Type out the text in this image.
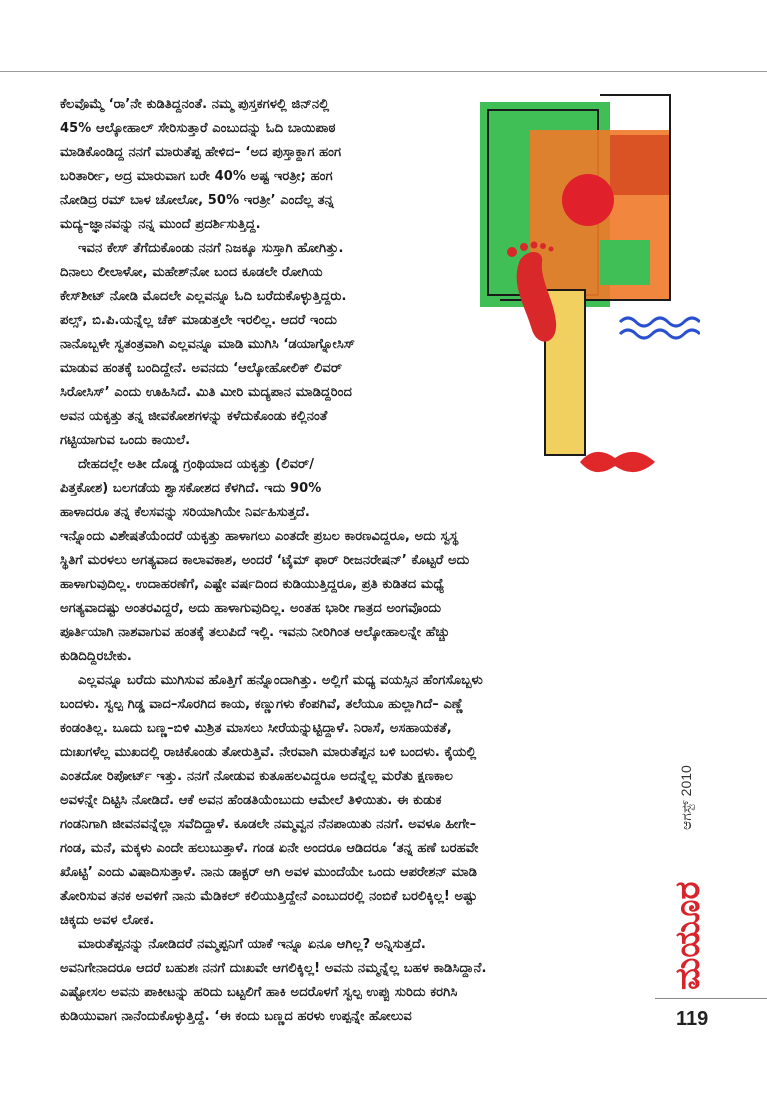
ಕೆಲವೊಮ್ಮೆ ‘ರಾ’ನೇ ಕುಡಿತಿದ್ದನಂತೆ. ನಮ್ಮ ಪುಸ್ತಕಗಳಲ್ಲಿ ಜಿನ್‌ನಲ್ಲಿ
45% ಆಲ್ಕೋಹಾಲ್ ಸೇರಿಸುತ್ತಾರೆ ಎಂಬುದನ್ನು ಓದಿ ಬಾಯಿಪಾಠ
ಮಾಡಿಕೊಂಡಿದ್ದ ನನಗೆ ಮಾರುತೆಪ್ಪ ಹೇಳಿದ– ‘ಅದ ಪುಸ್ತಾಕ್ದಾಗ ಹಂಗ
ಬರಿತಾರ್ರೀ, ಅದ್ರ ಮಾರುವಾಗ ಬರೇ 40% ಅಷ್ಟ ಇರತ್ರೀ; ಹಂಗ
ನೋಡಿದ್ರ ರಮ್ ಬಾಳ ಚೋಲೋ, 50% ಇರತ್ರೀ’ ಎಂದೆಲ್ಲ ತನ್ನ
ಮದ್ಯ–ಜ್ಞಾನವನ್ನು ನನ್ನ ಮುಂದೆ ಪ್ರದರ್ಶಿಸುತ್ತಿದ್ದ.
ಇವನ ಕೇಸ್ ತೆಗೆದುಕೊಂಡು ನನಗೆ ನಿಜಕ್ಕೂ ಸುಸ್ತಾಗಿ ಹೋಗಿತ್ತು.
ದಿನಾಲು ಲೀಲಾಳೋ, ಮಹೇಶ್‌ನೋ ಬಂದ ಕೂಡಲೇ ರೋಗಿಯ
ಕೇಸ್‌ಶೀಟ್ ನೋಡಿ ಮೊದಲೇ ಎಲ್ಲವನ್ನೂ ಓದಿ ಬರೆದುಕೊಳ್ಳುತ್ತಿದ್ದರು.
ಪಲ್ಸ್, ಬಿ.ಪಿ.ಯನ್ನೆಲ್ಲ ಚೆಕ್ ಮಾಡುತ್ತಲೇ ಇರಲಿಲ್ಲ. ಆದರೆ ಇಂದು
ನಾನೊಬ್ಬಳೇ ಸ್ವತಂತ್ರವಾಗಿ ಎಲ್ಲವನ್ನೂ ಮಾಡಿ ಮುಗಿಸಿ ‘ಡಯಾಗ್ನೋಸಿಸ್
ಮಾಡುವ ಹಂತಕ್ಕೆ ಬಂದಿದ್ದೇನೆ. ಅವನದು ‘ಆಲ್ಕೋಹೋಲಿಕ್ ಲಿವರ್
ಸಿರೋಸಿಸ್’ ಎಂದು ಊಹಿಸಿದೆ. ಮಿತಿ ಮೀರಿ ಮದ್ಯಪಾನ ಮಾಡಿದ್ದರಿಂದ
ಅವನ ಯಕೃತ್ತು ತನ್ನ ಜೀವಕೋಶಗಳನ್ನು ಕಳೆದುಕೊಂಡು ಕಲ್ಲಿನಂತೆ
ಗಟ್ಟಿಯಾಗುವ ಒಂದು ಕಾಯಿಲೆ.
ದೇಹದಲ್ಲೇ ಅತೀ ದೊಡ್ಡ ಗ್ರಂಥಿಯಾದ ಯಕೃತ್ತು (ಲಿವರ್/
ಪಿತ್ತಕೋಶ) ಬಲಗಡೆಯ ಶ್ವಾಸಕೋಶದ ಕೆಳಗಿದೆ. ಇದು 90%
ಹಾಳಾದರೂ ತನ್ನ ಕೆಲಸವನ್ನು ಸರಿಯಾಗಿಯೇ ನಿರ್ವಹಿಸುತ್ತದೆ.
ಇನ್ನೊಂದು ವಿಶೇಷತೆಯೆಂದರೆ ಯಕೃತ್ತು ಹಾಳಾಗಲು ಎಂತದೇ ಪ್ರಬಲ ಕಾರಣವಿದ್ದರೂ, ಅದು ಸ್ವಸ್ಥ
ಸ್ಥಿತಿಗೆ ಮರಳಲು ಅಗತ್ಯವಾದ ಕಾಲಾವಕಾಶ, ಅಂದರೆ ‘ಟೈಮ್ ಫಾರ್ ರೀಜನರೇಷನ್’ ಕೊಟ್ಟರೆ ಅದು
ಹಾಳಾಗುವುದಿಲ್ಲ. ಉದಾಹರಣೆಗೆ, ಎಷ್ಟೇ ವರ್ಷದಿಂದ ಕುಡಿಯುತ್ತಿದ್ದರೂ, ಪ್ರತಿ ಕುಡಿತದ ಮಧ್ಯೆ
ಅಗತ್ಯವಾದಷ್ಟು ಅಂತರವಿದ್ದರೆ, ಅದು ಹಾಳಾಗುವುದಿಲ್ಲ. ಅಂತಹ ಭಾರೀ ಗಾತ್ರದ ಅಂಗವೊಂದು
ಪೂರ್ತಿಯಾಗಿ ನಾಶವಾಗುವ ಹಂತಕ್ಕೆ ತಲುಪಿದೆ ಇಲ್ಲಿ. ಇವನು ನೀರಿಗಿಂತ ಆಲ್ಕೋಹಾಲನ್ನೇ ಹೆಚ್ಚು
ಕುಡಿದಿದ್ದಿರಬೇಕು.
ಎಲ್ಲವನ್ನೂ ಬರೆದು ಮುಗಿಸುವ ಹೊತ್ತಿಗೆ ಹನ್ನೊಂದಾಗಿತ್ತು. ಅಲ್ಲಿಗೆ ಮಧ್ಯ ವಯಸ್ಸಿನ ಹೆಂಗಸೊಬ್ಬಳು
ಬಂದಳು. ಸ್ವಲ್ಪ ಗಿಡ್ಡ ವಾದ–ಸೊರಗಿದ ಕಾಯ, ಕಣ್ಣುಗಳು ಕೆಂಪಗಿವೆ, ತಲೆಯೂ ಹುಲ್ಲಾಗಿದೆ– ಎಣ್ಣೆ
ಕಂಡಂತಿಲ್ಲ. ಬೂದು ಬಣ್ಣ–ಬಿಳಿ ಮಿಶ್ರಿತ ಮಾಸಲು ಸೀರೆಯನ್ನುಟ್ಟಿದ್ದಾಳೆ. ನಿರಾಸೆ, ಅಸಹಾಯಕತೆ,
ದುಃಖಗಳೆಲ್ಲ ಮುಖದಲ್ಲಿ ರಾಚಿಕೊಂಡು ತೋರುತ್ತಿವೆ. ನೇರವಾಗಿ ಮಾರುತೆಪ್ಪನ ಬಳಿ ಬಂದಳು. ಕೈಯಲ್ಲಿ
ಎಂತದೋ ರಿಪೋರ್ಟ್ ಇತ್ತು. ನನಗೆ ನೋಡುವ ಕುತೂಹಲವಿದ್ದರೂ ಅದನ್ನೆಲ್ಲ ಮರೆತು ಕ್ಷಣಕಾಲ
ಅವಳನ್ನೇ ದಿಟ್ಟಿಸಿ ನೋಡಿದೆ. ಆಕೆ ಅವನ ಹೆಂಡತಿಯೆಂಬುದು ಆಮೇಲೆ ತಿಳಿಯಿತು. ಈ ಕುಡುಕ
ಗಂಡನಿಗಾಗಿ ಜೀವನವನ್ನೆಲ್ಲಾ ಸವೆದಿದ್ದಾಳೆ. ಕೂಡಲೇ ನಮ್ಮವ್ವನ ನೆನಪಾಯಿತು ನನಗೆ. ಅವಳೂ ಹೀಗೇ–
ಗಂಡ, ಮನೆ, ಮಕ್ಕಳು ಎಂದೇ ಹಲುಬುತ್ತಾಳೆ. ಗಂಡ ಏನೇ ಅಂದರೂ ಆಡಿದರೂ ‘ತನ್ನ ಹಣೆ ಬರಹವೇ
ಖೊಟ್ಟಿ’ ಎಂದು ವಿಷಾದಿಸುತ್ತಾಳೆ. ನಾನು ಡಾಕ್ಟರ್ ಆಗಿ ಅವಳ ಮುಂದೆಯೇ ಒಂದು ಆಪರೇಶನ್ ಮಾಡಿ
ತೋರಿಸುವ ತನಕ ಅವಳಿಗೆ ನಾನು ಮೆಡಿಕಲ್ ಕಲಿಯುತ್ತಿದ್ದೇನೆ ಎಂಬುದರಲ್ಲಿ ನಂಬಿಕೆ ಬರಲಿಕ್ಕಿಲ್ಲ! ಅಷ್ಟು
ಚಿಕ್ಕದು ಅವಳ ಲೋಕ.
ಮಾರುತೆಪ್ಪನನ್ನು ನೋಡಿದರೆ ನಮ್ಮಪ್ಪನಿಗೆ ಯಾಕೆ ಇನ್ನೂ ಏನೂ ಆಗಿಲ್ಲ? ಅನ್ನಿಸುತ್ತದೆ.
ಅವನಿಗೇನಾದರೂ ಆದರೆ ಬಹುಶಃ ನನಗೆ ದುಃಖವೇ ಆಗಲಿಕ್ಕಿಲ್ಲ! ಅವನು ನಮ್ಮನ್ನೆಲ್ಲ ಬಹಳ ಕಾಡಿಸಿದ್ದಾನೆ.
ಎಷ್ಟೋಸಲ ಅವನು ಪಾಕೀಟನ್ನು ಹರಿದು ಬಟ್ಟಲಿಗೆ ಹಾಕಿ ಅದರೊಳಗೆ ಸ್ವಲ್ಪ ಉಪ್ಪು ಸುರಿದು ಕರಗಿಸಿ
ಕುಡಿಯುವಾಗ ನಾನೆಂದುಕೊಳ್ಳುತ್ತಿದ್ದೆ. ‘ಈ ಕಂದು ಬಣ್ಣದ ಹರಳು ಉಪ್ಪನ್ನೇ ಹೋಲುವ
ಆಗಸ್ಟ್ 2010
ಮಯೂರ
119
